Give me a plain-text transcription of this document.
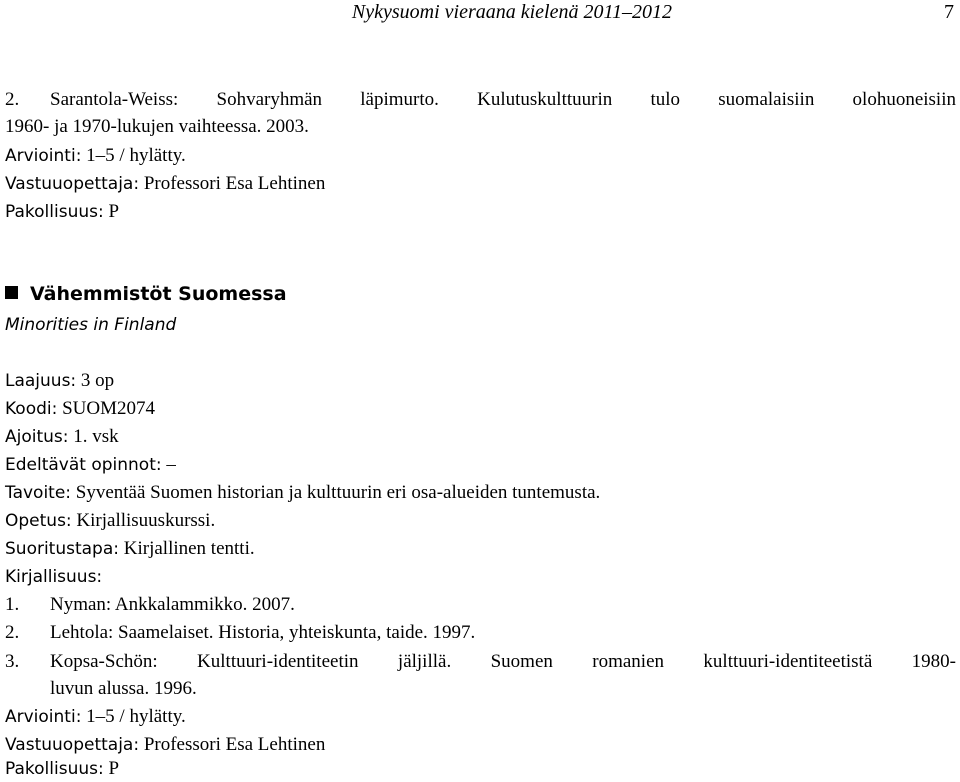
Nykysuomi vieraana kielenä 2011–2012	7
2. Sarantola-Weiss: Sohvaryhmän läpimurto. Kulutuskulttuurin tulo suomalaisiin olohuoneisiin
1960- ja 1970-lukujen vaihteessa. 2003.
Arviointi: 1–5 / hylätty.
Vastuuopettaja: Professori Esa Lehtinen
Pakollisuus: P
Vähemmistöt Suomessa
Minorities in Finland
Laajuus: 3 op
Koodi: SUOM2074
Ajoitus: 1. vsk
Edeltävät opinnot: –
Tavoite: Syventää Suomen historian ja kulttuurin eri osa-alueiden tuntemusta.
Opetus: Kirjallisuuskurssi.
Suoritustapa: Kirjallinen tentti.
Kirjallisuus:
1. Nyman: Ankkalammikko. 2007.
2. Lehtola: Saamelaiset. Historia, yhteiskunta, taide. 1997.
3. Kopsa-Schön: Kulttuuri-identiteetin jäljillä. Suomen romanien kulttuuri-identiteetistä 1980-
luvun alussa. 1996.
Arviointi: 1–5 / hylätty.
Vastuuopettaja: Professori Esa Lehtinen
Pakollisuus: P
